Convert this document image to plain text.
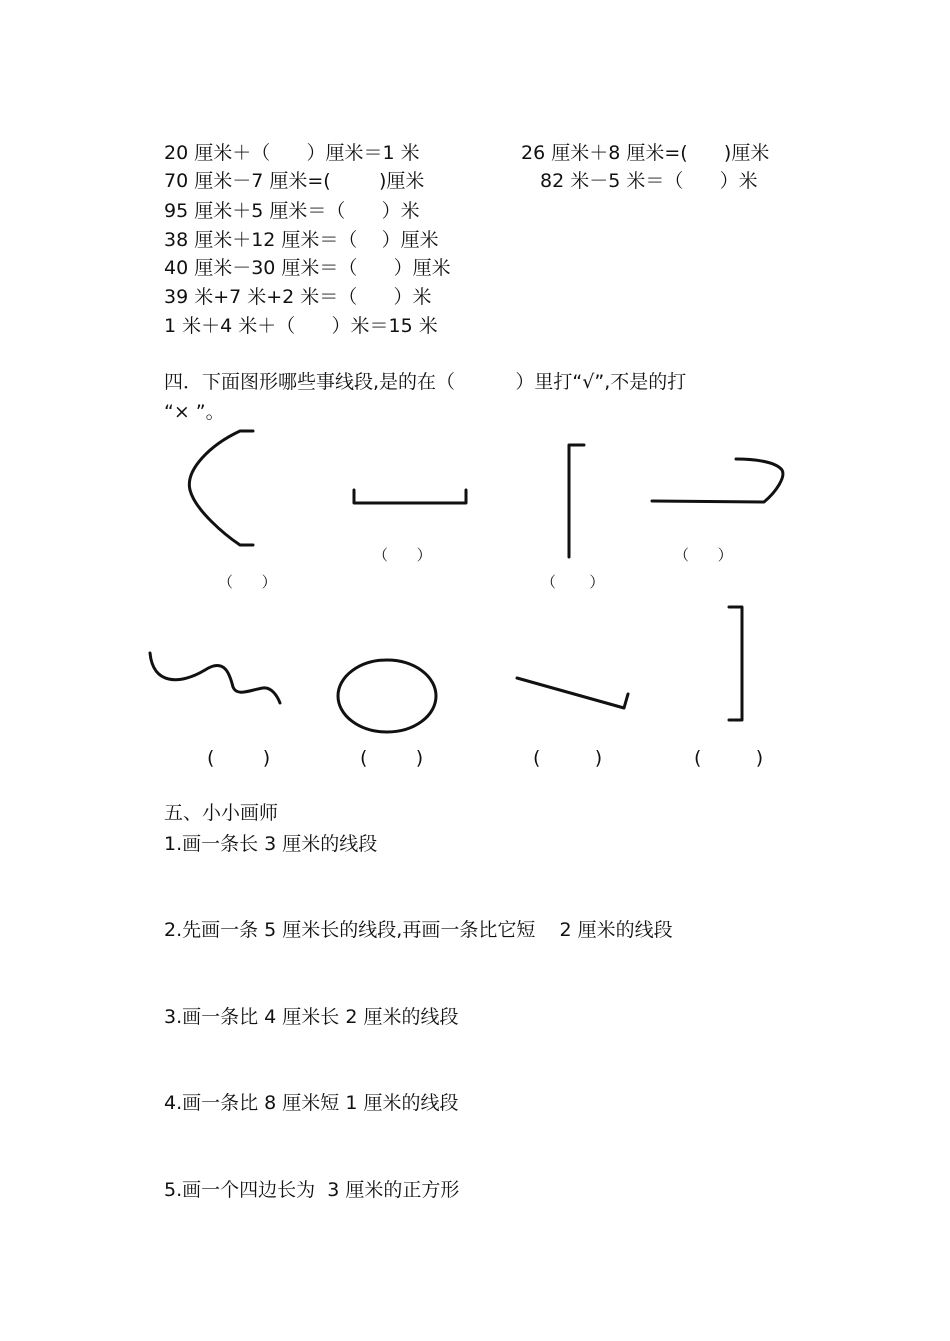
20 厘米＋（      ）厘米＝1 米	26 厘米＋8 厘米=(      )厘米
70 厘米－7 厘米=(        )厘米	82 米－5 米＝（      ）米
95 厘米＋5 厘米＝（      ）米
38 厘米＋12 厘米＝（    ）厘米
40 厘米－30 厘米＝（      ）厘米
39 米+7 米+2 米＝（      ）米
1 米＋4 米＋（      ）米＝15 米
四．下面图形哪些事线段,是的在（          ）里打“√”,不是的打
“× ”。
（      ）	（      ）
（      ）	（       ）
(        )	(        )	(         )	(         )
五、小小画师
1.画一条长 3 厘米的线段
2.先画一条 5 厘米长的线段,再画一条比它短    2 厘米的线段
3.画一条比 4 厘米长 2 厘米的线段
4.画一条比 8 厘米短 1 厘米的线段
5.画一个四边长为  3 厘米的正方形
